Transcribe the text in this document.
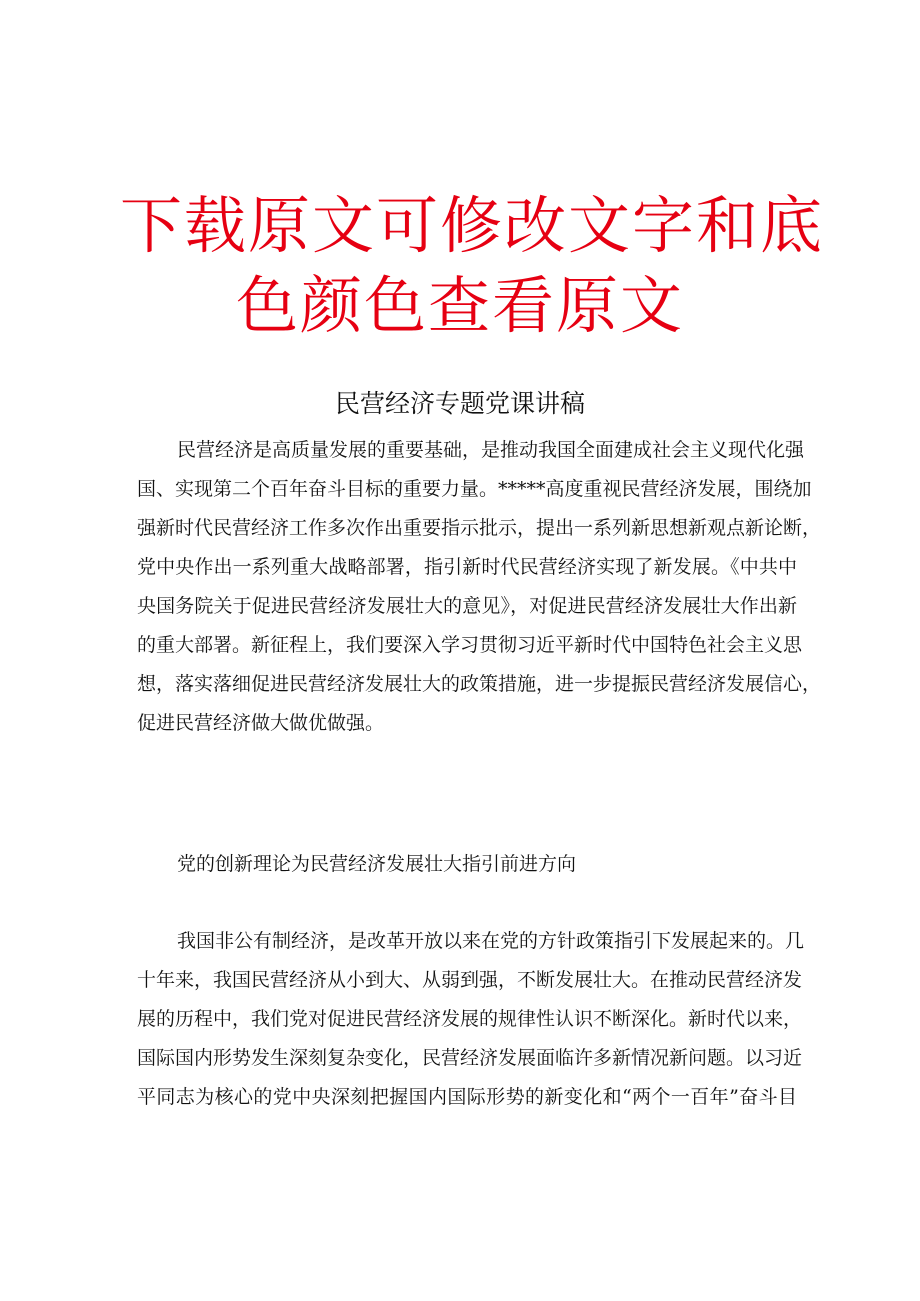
下载原文可修改文字和底
色颜色查看原文
民营经济专题党课讲稿
民营经济是高质量发展的重要基础，是推动我国全面建成社会主义现代化强
国、实现第二个百年奋斗目标的重要力量。*****高度重视民营经济发展，围绕加
强新时代民营经济工作多次作出重要指示批示，提出一系列新思想新观点新论断，
党中央作出一系列重大战略部署，指引新时代民营经济实现了新发展。《中共中
央国务院关于促进民营经济发展壮大的意见》，对促进民营经济发展壮大作出新
的重大部署。新征程上，我们要深入学习贯彻习近平新时代中国特色社会主义思
想，落实落细促进民营经济发展壮大的政策措施，进一步提振民营经济发展信心，
促进民营经济做大做优做强。
党的创新理论为民营经济发展壮大指引前进方向
我国非公有制经济，是改革开放以来在党的方针政策指引下发展起来的。几
十年来，我国民营经济从小到大、从弱到强，不断发展壮大。在推动民营经济发
展的历程中，我们党对促进民营经济发展的规律性认识不断深化。新时代以来，
国际国内形势发生深刻复杂变化，民营经济发展面临许多新情况新问题。以习近
平同志为核心的党中央深刻把握国内国际形势的新变化和“两个一百年”奋斗目
